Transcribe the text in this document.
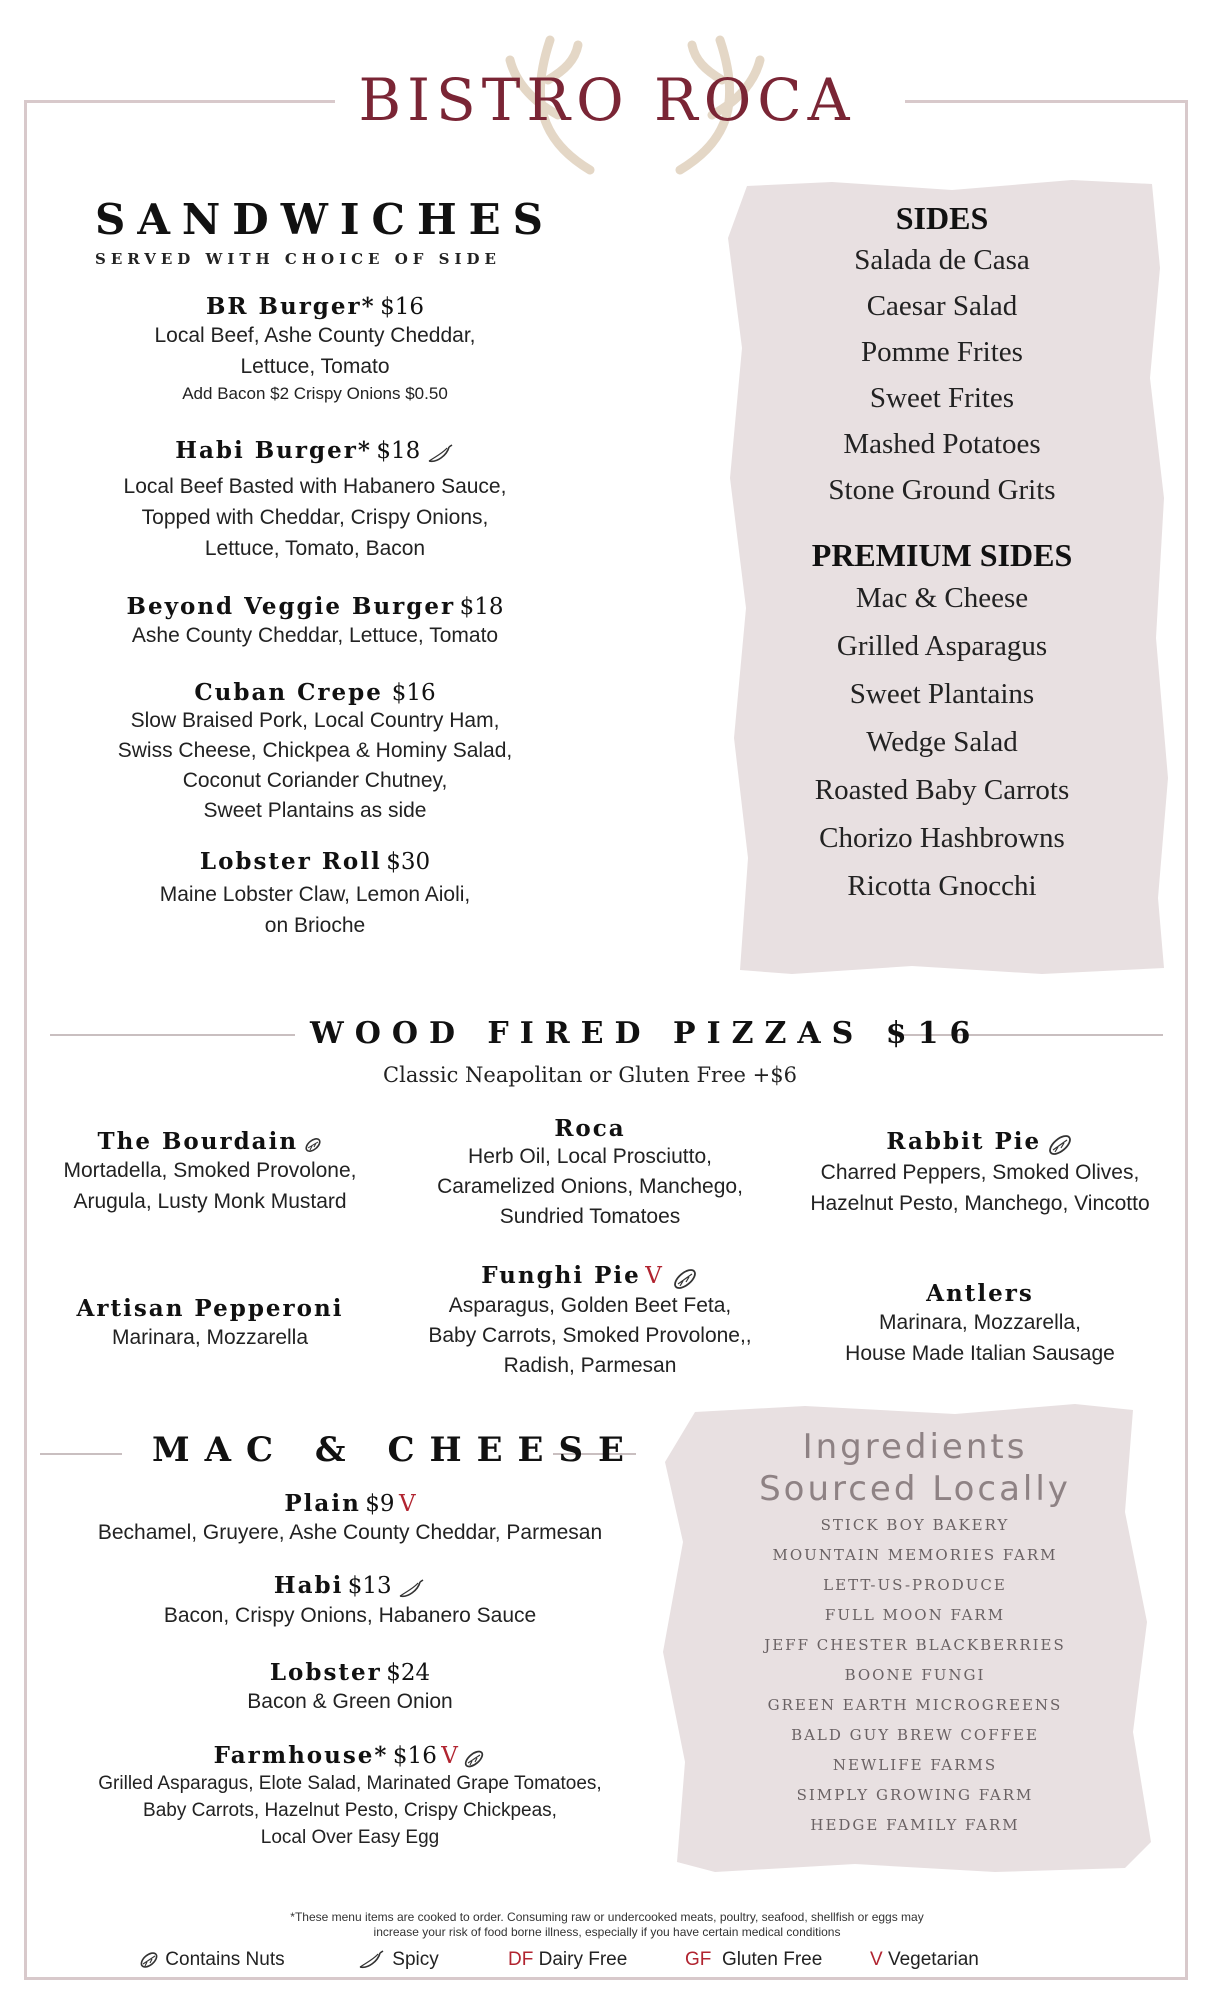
BISTRO ROCA
SANDWICHES
SERVED WITH CHOICE OF SIDE
BR Burger* $16
Local Beef, Ashe County Cheddar,
Lettuce, Tomato
Add Bacon $2 Crispy Onions $0.50
Habi Burger* $18
Local Beef Basted with Habanero Sauce,
Topped with Cheddar, Crispy Onions,
Lettuce, Tomato, Bacon
Beyond Veggie Burger $18
Ashe County Cheddar, Lettuce, Tomato
Cuban Crepe $16
Slow Braised Pork, Local Country Ham,
Swiss Cheese, Chickpea & Hominy Salad,
Coconut Coriander Chutney,
Sweet Plantains as side
Lobster Roll $30
Maine Lobster Claw, Lemon Aioli,
on Brioche
SIDES
Salada de Casa
Caesar Salad
Pomme Frites
Sweet Frites
Mashed Potatoes
Stone Ground Grits
PREMIUM SIDES
Mac & Cheese
Grilled Asparagus
Sweet Plantains
Wedge Salad
Roasted Baby Carrots
Chorizo Hashbrowns
Ricotta Gnocchi
WOOD FIRED PIZZAS $16
Classic Neapolitan or Gluten Free +$6
The Bourdain
Mortadella, Smoked Provolone,
Arugula, Lusty Monk Mustard
Roca
Herb Oil, Local Prosciutto,
Caramelized Onions, Manchego,
Sundried Tomatoes
Rabbit Pie
Charred Peppers, Smoked Olives,
Hazelnut Pesto, Manchego, Vincotto
Artisan Pepperoni
Marinara, Mozzarella
Funghi Pie V
Asparagus, Golden Beet Feta,
Baby Carrots, Smoked Provolone,,
Radish, Parmesan
Antlers
Marinara, Mozzarella,
House Made Italian Sausage
MAC & CHEESE
Plain $9 V
Bechamel, Gruyere, Ashe County Cheddar, Parmesan
Habi $13
Bacon, Crispy Onions, Habanero Sauce
Lobster $24
Bacon & Green Onion
Farmhouse* $16 V
Grilled Asparagus, Elote Salad, Marinated Grape Tomatoes,
Baby Carrots, Hazelnut Pesto, Crispy Chickpeas,
Local Over Easy Egg
Ingredients
Sourced Locally
STICK BOY BAKERY
MOUNTAIN MEMORIES FARM
LETT-US-PRODUCE
FULL MOON FARM
JEFF CHESTER BLACKBERRIES
BOONE FUNGI
GREEN EARTH MICROGREENS
BALD GUY BREW COFFEE
NEWLIFE FARMS
SIMPLY GROWING FARM
HEDGE FAMILY FARM
*These menu items are cooked to order. Consuming raw or undercooked meats, poultry, seafood, shellfish or eggs may
increase your risk of food borne illness, especially if you have certain medical conditions
Contains Nuts	Spicy	DF Dairy Free	GF Gluten Free	V Vegetarian
